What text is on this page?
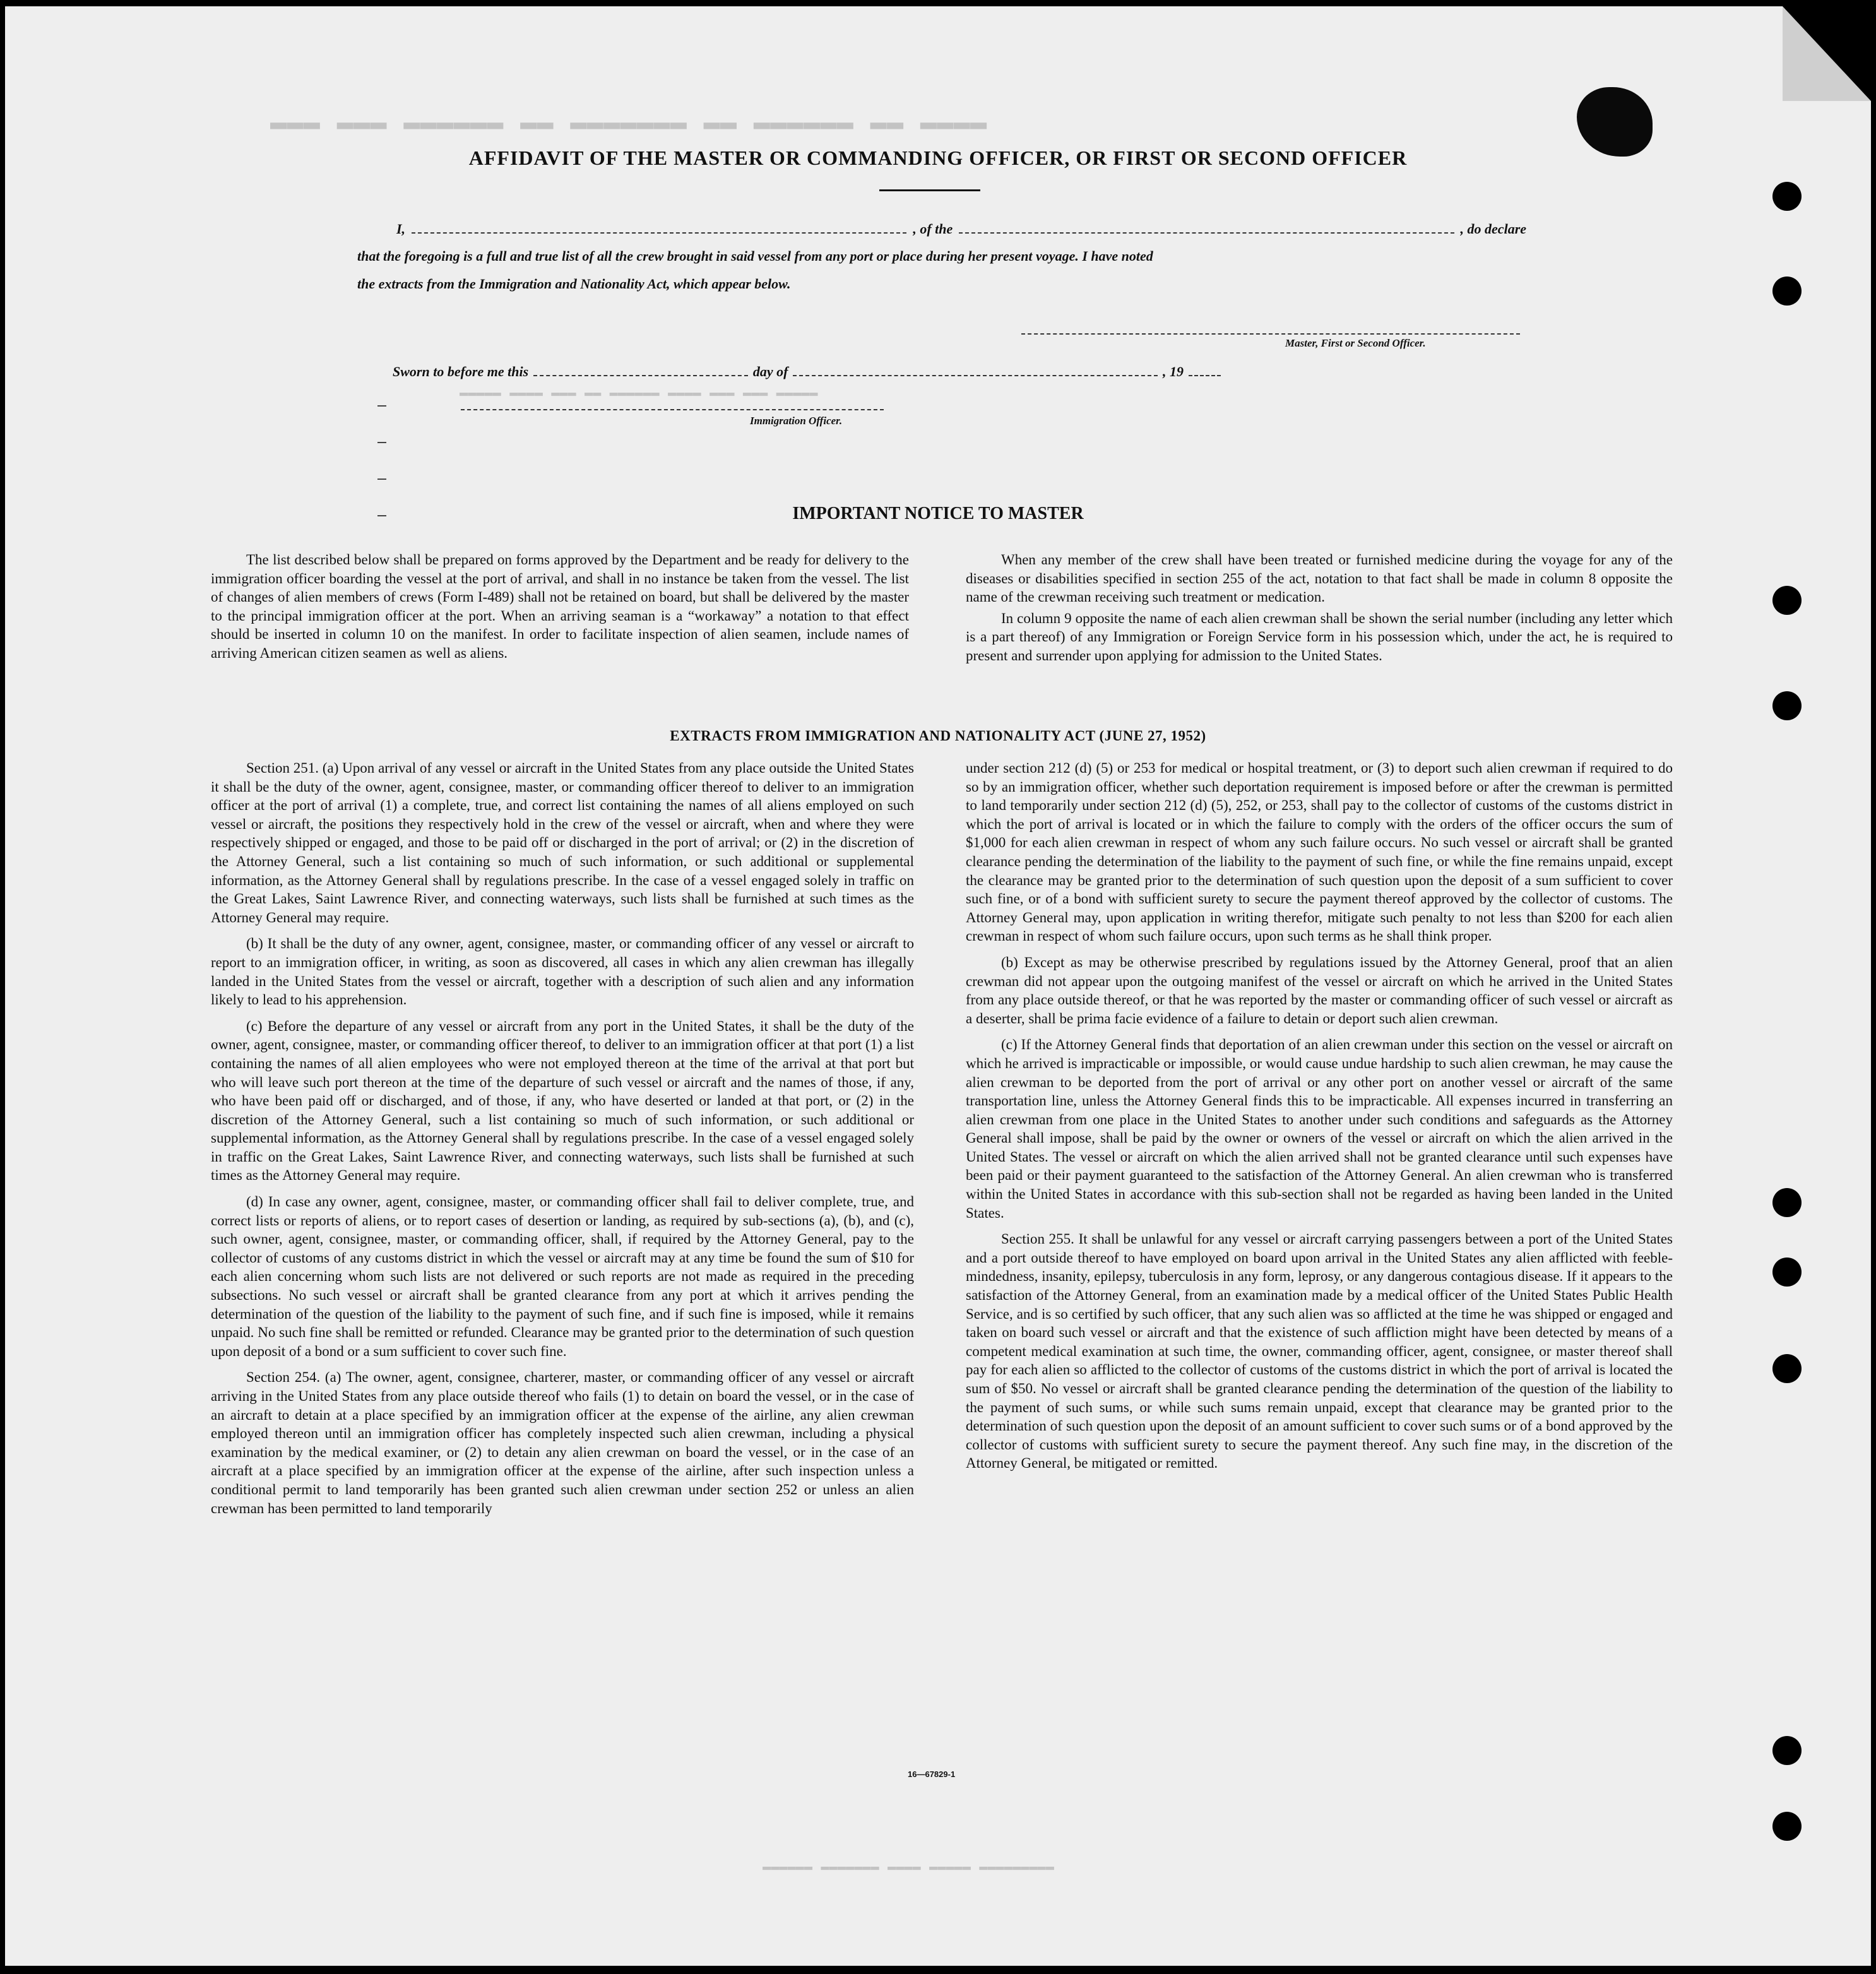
▬▬▬ ▬▬▬ ▬▬▬▬▬▬ ▬▬ ▬▬▬▬▬▬▬ ▬▬ ▬▬▬▬▬▬ ▬▬ ▬▬▬▬
▬▬▬▬▬ ▬▬▬▬ ▬▬▬ ▬▬ ▬▬▬▬▬▬ ▬▬▬▬ ▬▬▬ ▬▬▬ ▬▬▬▬▬
▬▬▬▬▬▬ ▬▬▬▬▬▬▬ ▬▬▬▬ ▬▬▬▬▬ ▬▬▬▬▬▬▬▬▬
AFFIDAVIT OF THE MASTER OR COMMANDING OFFICER, OR FIRST OR SECOND OFFICER
I,	, of the	, do declare
that the foregoing is a full and true list of all the crew brought in said vessel from any port or place during her present voyage. I have noted
the extracts from the Immigration and Nationality Act, which appear below.
Master, First or Second Officer.
Sworn to before me this	day of	, 19
Immigration Officer.
IMPORTANT NOTICE TO MASTER

The list described below shall be prepared on forms approved by the Department and be ready for delivery to the immigration officer boarding the vessel at the port of arrival, and shall in no instance be taken from the vessel. The list of changes of alien members of crews (Form I-489) shall not be retained on board, but shall be delivered by the master to the principal immigration officer at the port. When an arriving seaman is a “workaway” a notation to that effect should be inserted in column 10 on the manifest. In order to facilitate inspection of alien seamen, include names of arriving American citizen seamen as well as aliens.

When any member of the crew shall have been treated or furnished medicine during the voyage for any of the diseases or disabilities specified in section 255 of the act, notation to that fact shall be made in column 8 opposite the name of the crewman receiving such treatment or medication.

In column 9 opposite the name of each alien crewman shall be shown the serial number (including any letter which is a part thereof) of any Immigration or Foreign Service form in his possession which, under the act, he is required to present and surrender upon applying for admission to the United States.

EXTRACTS FROM IMMIGRATION AND NATIONALITY ACT (JUNE 27, 1952)

Section 251. (a) Upon arrival of any vessel or aircraft in the United States from any place outside the United States it shall be the duty of the owner, agent, consignee, master, or commanding officer thereof to deliver to an immigration officer at the port of arrival (1) a complete, true, and correct list containing the names of all aliens employed on such vessel or aircraft, the positions they respectively hold in the crew of the vessel or aircraft, when and where they were respectively shipped or engaged, and those to be paid off or discharged in the port of arrival; or (2) in the discretion of the Attorney General, such a list containing so much of such information, or such additional or supplemental information, as the Attorney General shall by regulations prescribe. In the case of a vessel engaged solely in traffic on the Great Lakes, Saint Lawrence River, and connecting waterways, such lists shall be furnished at such times as the Attorney General may require.

(b) It shall be the duty of any owner, agent, consignee, master, or commanding officer of any vessel or aircraft to report to an immigration officer, in writing, as soon as discovered, all cases in which any alien crewman has illegally landed in the United States from the vessel or aircraft, together with a description of such alien and any information likely to lead to his apprehension.

(c) Before the departure of any vessel or aircraft from any port in the United States, it shall be the duty of the owner, agent, consignee, master, or commanding officer thereof, to deliver to an immigration officer at that port (1) a list containing the names of all alien employees who were not employed thereon at the time of the arrival at that port but who will leave such port thereon at the time of the departure of such vessel or aircraft and the names of those, if any, who have been paid off or discharged, and of those, if any, who have deserted or landed at that port, or (2) in the discretion of the Attorney General, such a list containing so much of such information, or such additional or supplemental information, as the Attorney General shall by regulations prescribe. In the case of a vessel engaged solely in traffic on the Great Lakes, Saint Lawrence River, and connecting waterways, such lists shall be furnished at such times as the Attorney General may require.

(d) In case any owner, agent, consignee, master, or commanding officer shall fail to deliver complete, true, and correct lists or reports of aliens, or to report cases of desertion or landing, as required by sub-sections (a), (b), and (c), such owner, agent, consignee, master, or commanding officer, shall, if required by the Attorney General, pay to the collector of customs of any customs district in which the vessel or aircraft may at any time be found the sum of $10 for each alien concerning whom such lists are not delivered or such reports are not made as required in the preceding subsections. No such vessel or aircraft shall be granted clearance from any port at which it arrives pending the determination of the question of the liability to the payment of such fine, and if such fine is imposed, while it remains unpaid. No such fine shall be remitted or refunded. Clearance may be granted prior to the determination of such question upon deposit of a bond or a sum sufficient to cover such fine.

Section 254. (a) The owner, agent, consignee, charterer, master, or commanding officer of any vessel or aircraft arriving in the United States from any place outside thereof who fails (1) to detain on board the vessel, or in the case of an aircraft to detain at a place specified by an immigration officer at the expense of the airline, any alien crewman employed thereon until an immigration officer has completely inspected such alien crewman, including a physical examination by the medical examiner, or (2) to detain any alien crewman on board the vessel, or in the case of an aircraft at a place specified by an immigration officer at the expense of the airline, after such inspection unless a conditional permit to land temporarily has been granted such alien crewman under section 252 or unless an alien crewman has been permitted to land temporarily

under section 212 (d) (5) or 253 for medical or hospital treatment, or (3) to deport such alien crewman if required to do so by an immigration officer, whether such deportation requirement is imposed before or after the crewman is permitted to land temporarily under section 212 (d) (5), 252, or 253, shall pay to the collector of customs of the customs district in which the port of arrival is located or in which the failure to comply with the orders of the officer occurs the sum of $1,000 for each alien crewman in respect of whom any such failure occurs. No such vessel or aircraft shall be granted clearance pending the determination of the liability to the payment of such fine, or while the fine remains unpaid, except the clearance may be granted prior to the determination of such question upon the deposit of a sum sufficient to cover such fine, or of a bond with sufficient surety to secure the payment thereof approved by the collector of customs. The Attorney General may, upon application in writing therefor, mitigate such penalty to not less than $200 for each alien crewman in respect of whom such failure occurs, upon such terms as he shall think proper.

(b) Except as may be otherwise prescribed by regulations issued by the Attorney General, proof that an alien crewman did not appear upon the outgoing manifest of the vessel or aircraft on which he arrived in the United States from any place outside thereof, or that he was reported by the master or commanding officer of such vessel or aircraft as a deserter, shall be prima facie evidence of a failure to detain or deport such alien crewman.

(c) If the Attorney General finds that deportation of an alien crewman under this section on the vessel or aircraft on which he arrived is impracticable or impossible, or would cause undue hardship to such alien crewman, he may cause the alien crewman to be deported from the port of arrival or any other port on another vessel or aircraft of the same transportation line, unless the Attorney General finds this to be impracticable. All expenses incurred in transferring an alien crewman from one place in the United States to another under such conditions and safeguards as the Attorney General shall impose, shall be paid by the owner or owners of the vessel or aircraft on which the alien arrived in the United States. The vessel or aircraft on which the alien arrived shall not be granted clearance until such expenses have been paid or their payment guaranteed to the satisfaction of the Attorney General. An alien crewman who is transferred within the United States in accordance with this sub-section shall not be regarded as having been landed in the United States.

Section 255. It shall be unlawful for any vessel or aircraft carrying passengers between a port of the United States and a port outside thereof to have employed on board upon arrival in the United States any alien afflicted with feeble-mindedness, insanity, epilepsy, tuberculosis in any form, leprosy, or any dangerous contagious disease. If it appears to the satisfaction of the Attorney General, from an examination made by a medical officer of the United States Public Health Service, and is so certified by such officer, that any such alien was so afflicted at the time he was shipped or engaged and taken on board such vessel or aircraft and that the existence of such affliction might have been detected by means of a competent medical examination at such time, the owner, commanding officer, agent, consignee, or master thereof shall pay for each alien so afflicted to the collector of customs of the customs district in which the port of arrival is located the sum of $50. No vessel or aircraft shall be granted clearance pending the determination of the question of the liability to the payment of such sums, or while such sums remain unpaid, except that clearance may be granted prior to the determination of such question upon the deposit of an amount sufficient to cover such sums or of a bond approved by the collector of customs with sufficient surety to secure the payment thereof. Any such fine may, in the discretion of the Attorney General, be mitigated or remitted.

16—67829-1
